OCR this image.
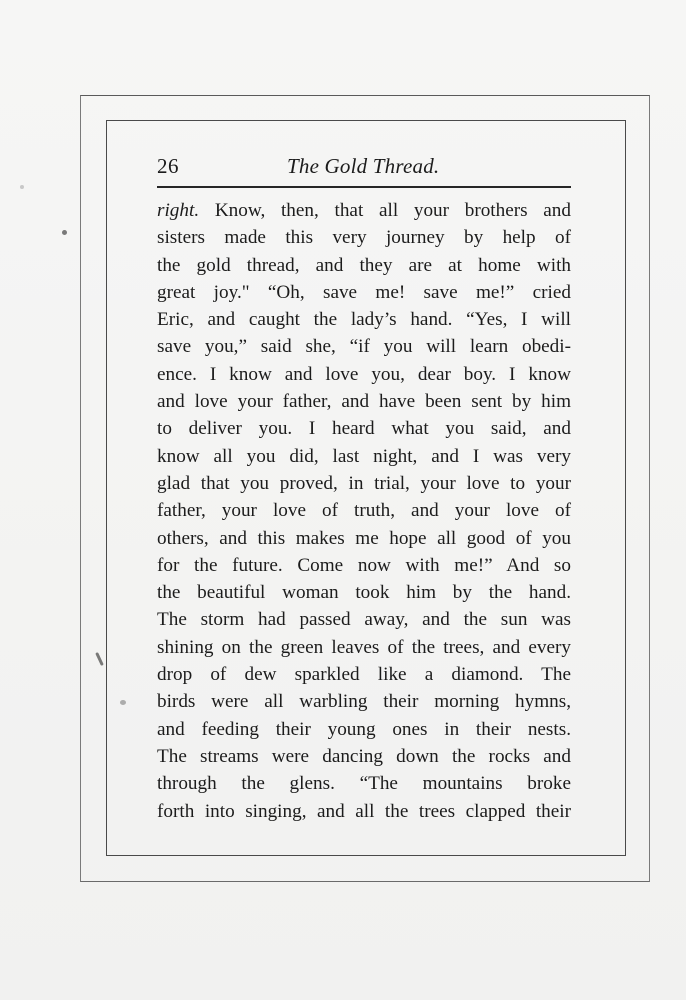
26	The Gold Thread.
right. Know, then, that all your brothers and
sisters made this very journey by help of
the gold thread, and they are at home with
great joy." “Oh, save me! save me!” cried
Eric, and caught the lady’s hand. “Yes, I will
save you,” said she, “if you will learn obedi-
ence. I know and love you, dear boy. I know
and love your father, and have been sent by him
to deliver you. I heard what you said, and
know all you did, last night, and I was very
glad that you proved, in trial, your love to your
father, your love of truth, and your love of
others, and this makes me hope all good of you
for the future. Come now with me!” And so
the beautiful woman took him by the hand.
The storm had passed away, and the sun was
shining on the green leaves of the trees, and every
drop of dew sparkled like a diamond. The
birds were all warbling their morning hymns,
and feeding their young ones in their nests.
The streams were dancing down the rocks and
through the glens. “The mountains broke
forth into singing, and all the trees clapped their
